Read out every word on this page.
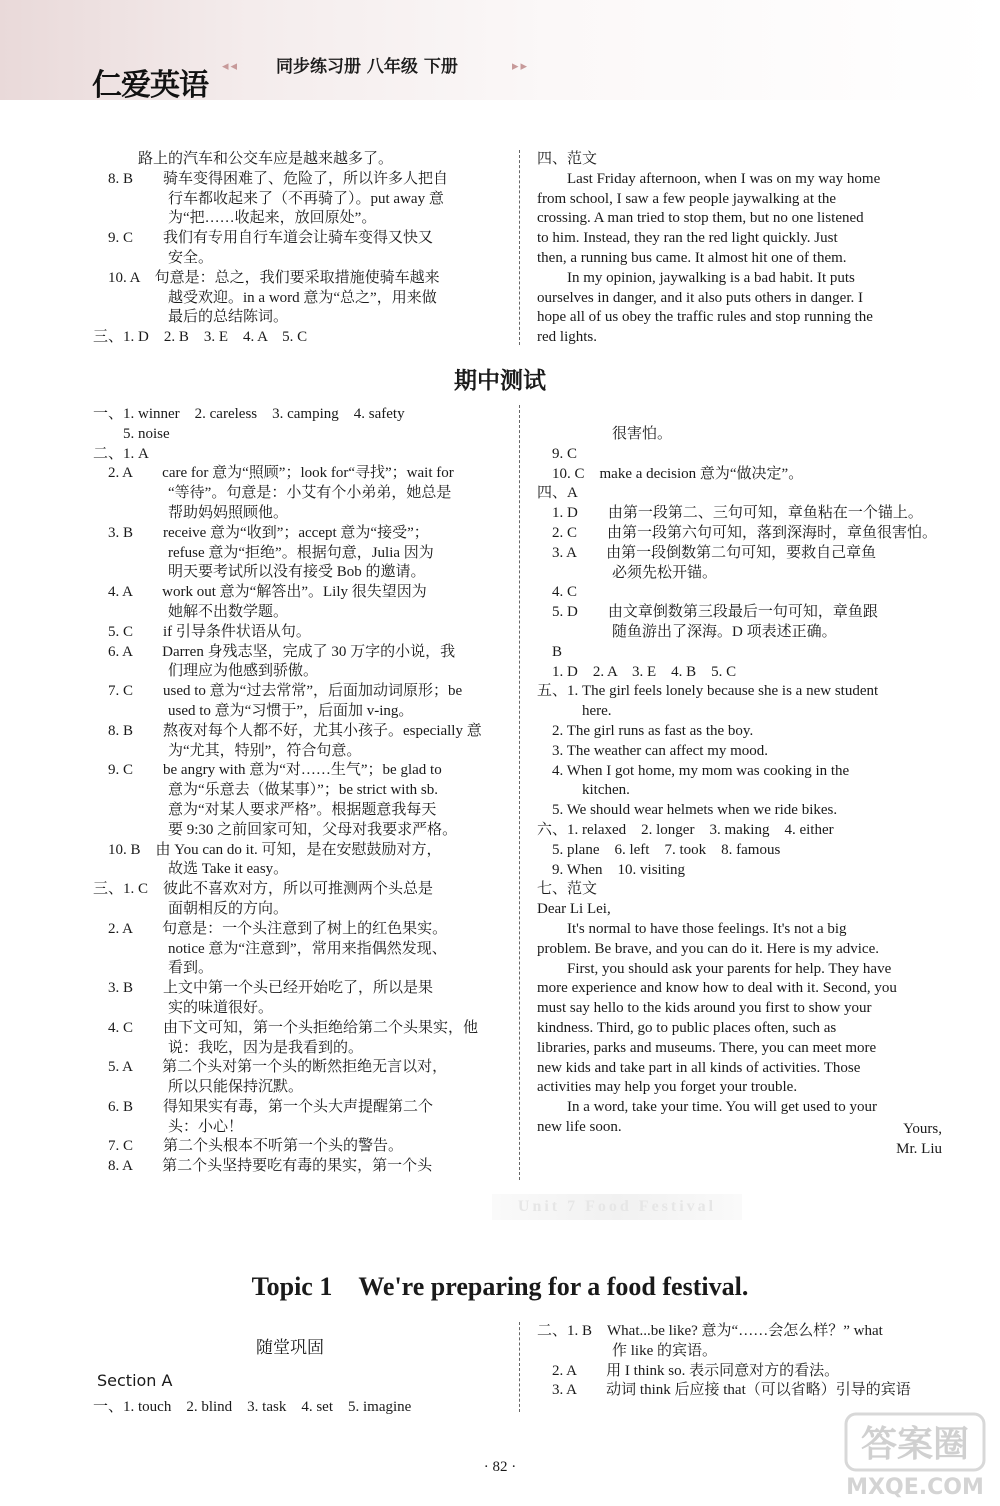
仁爱英语
◂◂ 同步练习册 八年级 下册	▸▸
　　　路上的汽车和公交车应是越来越多了。
　8. B　　骑车变得困难了、危险了，所以许多人把自
　　　　　行车都收起来了（不再骑了）。put away 意
　　　　　为“把……收起来，放回原处”。
　9. C　　我们有专用自行车道会让骑车变得又快又
　　　　　安全。
　10. A　句意是：总之，我们要采取措施使骑车越来
　　　　　越受欢迎。in a word 意为“总之”，用来做
　　　　　最后的总结陈词。
三、1. D　2. B　3. E　4. A　5. C
四、范文
　　Last Friday afternoon, when I was on my way home
from school, I saw a few people jaywalking at the
crossing. A man tried to stop them, but no one listened
to him. Instead, they ran the red light quickly. Just
then, a running bus came. It almost hit one of them.
　　In my opinion, jaywalking is a bad habit. It puts
ourselves in danger, and it also puts others in danger. I
hope all of us obey the traffic rules and stop running the
red lights.
期中测试
一、1. winner　2. careless　3. camping　4. safety
　　5. noise
二、1. A
　2. A　　care for 意为“照顾”；look for“寻找”；wait for
　　　　　“等待”。句意是：小艾有个小弟弟，她总是
　　　　　帮助妈妈照顾他。
　3. B　　receive 意为“收到”；accept 意为“接受”；
　　　　　refuse 意为“拒绝”。根据句意，Julia 因为
　　　　　明天要考试所以没有接受 Bob 的邀请。
　4. A　　work out 意为“解答出”。Lily 很失望因为
　　　　　她解不出数学题。
　5. C　　if 引导条件状语从句。
　6. A　　Darren 身残志坚，完成了 30 万字的小说，我
　　　　　们理应为他感到骄傲。
　7. C　　used to 意为“过去常常”，后面加动词原形；be
　　　　　used to 意为“习惯于”，后面加 v-ing。
　8. B　　熬夜对每个人都不好，尤其小孩子。especially 意
　　　　　为“尤其，特别”，符合句意。
　9. C　　be angry with 意为“对……生气”；be glad to
　　　　　意为“乐意去（做某事）”；be strict with sb.
　　　　　意为“对某人要求严格”。根据题意我每天
　　　　　要 9:30 之前回家可知，父母对我要求严格。
　10. B　由 You can do it. 可知，是在安慰鼓励对方，
　　　　　故选 Take it easy。
三、1. C　彼此不喜欢对方，所以可推测两个头总是
　　　　　面朝相反的方向。
　2. A　　句意是：一个头注意到了树上的红色果实。
　　　　　notice 意为“注意到”，常用来指偶然发现、
　　　　　看到。
　3. B　　上文中第一个头已经开始吃了，所以是果
　　　　　实的味道很好。
　4. C　　由下文可知，第一个头拒绝给第二个头果实，他
　　　　　说：我吃，因为是我看到的。
　5. A　　第二个头对第一个头的断然拒绝无言以对，
　　　　　所以只能保持沉默。
　6. B　　得知果实有毒，第一个头大声提醒第二个
　　　　　头：小心！
　7. C　　第二个头根本不听第一个头的警告。
　8. A　　第二个头坚持要吃有毒的果实，第一个头
　　　　　很害怕。
　9. C
　10. C　make a decision 意为“做决定”。
四、A
　1. D　　由第一段第二、三句可知，章鱼粘在一个锚上。
　2. C　　由第一段第六句可知，落到深海时，章鱼很害怕。
　3. A　　由第一段倒数第二句可知，要救自己章鱼
　　　　　必须先松开锚。
　4. C
　5. D　　由文章倒数第三段最后一句可知，章鱼跟
　　　　　随鱼游出了深海。D 项表述正确。
　B
　1. D　2. A　3. E　4. B　5. C
五、1. The girl feels lonely because she is a new student
　　　here.
　2. The girl runs as fast as the boy.
　3. The weather can affect my mood.
　4. When I got home, my mom was cooking in the
　　　kitchen.
　5. We should wear helmets when we ride bikes.
六、1. relaxed　2. longer　3. making　4. either
　5. plane　6. left　7. took　8. famous
　9. When　10. visiting
七、范文
Dear Li Lei,
　　It's normal to have those feelings. It's not a big
problem. Be brave, and you can do it. Here is my advice.
　　First, you should ask your parents for help. They have
more experience and know how to deal with it. Second, you
must say hello to the kids around you first to show your
kindness. Third, go to public places often, such as
libraries, parks and museums. There, you can meet more
new kids and take part in all kinds of activities. Those
activities may help you forget your trouble.
　　In a word, take your time. You will get used to your
new life soon.	Yours,
Mr. Liu
Unit 7 Food Festival
Topic 1　We're preparing for a food festival.
随堂巩固
Section A
一、1. touch　2. blind　3. task　4. set　5. imagine
二、1. B　What...be like? 意为“……会怎么样？” what
　　　　　作 like 的宾语。
　2. A　　用 I think so. 表示同意对方的看法。
　3. A　　动词 think 后应接 that（可以省略）引导的宾语
· 82 ·
答案圈
MXQE.COM
